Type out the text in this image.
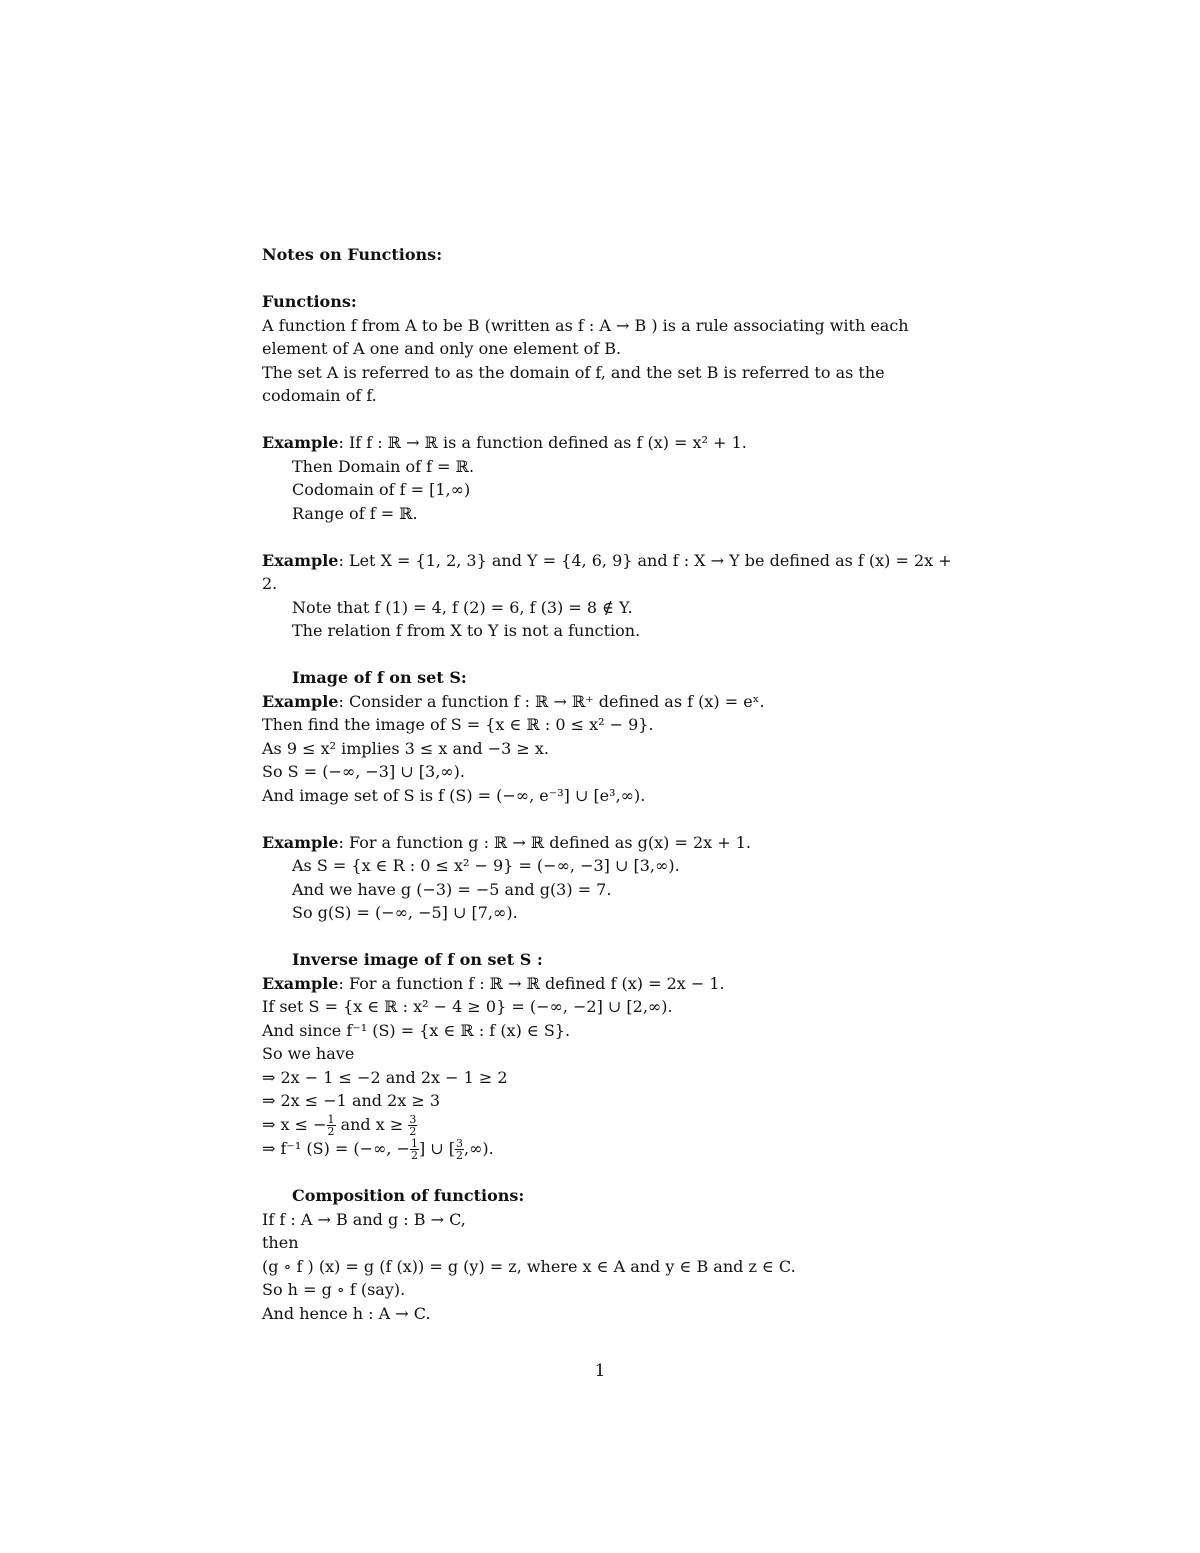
Notes on Functions:

Functions:

A function f from A to be B (written as f : A → B ) is a rule associating with each element of A one and only one element of B.

The set A is referred to as the domain of f, and the set B is referred to as the codomain of f.

Example: If f : ℝ → ℝ is a function defined as f (x) = x² + 1.

Then Domain of f = ℝ.

Codomain of f = [1,∞)

Range of f = ℝ.

Example: Let X = {1, 2, 3} and Y = {4, 6, 9} and f : X → Y be defined as f (x) = 2x + 2.

Note that f (1) = 4, f (2) = 6, f (3) = 8 ∉ Y.

The relation f from X to Y is not a function.

Image of f on set S:

Example: Consider a function f : ℝ → ℝ⁺ defined as f (x) = eˣ.

Then find the image of S = {x ∈ ℝ : 0 ≤ x² − 9}.

As 9 ≤ x² implies 3 ≤ x and −3 ≥ x.

So S = (−∞, −3] ∪ [3,∞).

And image set of S is f (S) = (−∞, e⁻³] ∪ [e³,∞).

Example: For a function g : ℝ → ℝ defined as g(x) = 2x + 1.

As S = {x ∈ R : 0 ≤ x² − 9} = (−∞, −3] ∪ [3,∞).

And we have g (−3) = −5 and g(3) = 7.

So g(S) = (−∞, −5] ∪ [7,∞).

Inverse image of f on set S :

Example: For a function f : ℝ → ℝ defined f (x) = 2x − 1.

If set S = {x ∈ ℝ : x² − 4 ≥ 0} = (−∞, −2] ∪ [2,∞).

And since f⁻¹ (S) = {x ∈ ℝ : f (x) ∈ S}.

So we have

⇒ 2x − 1 ≤ −2 and 2x − 1 ≥ 2

⇒ 2x ≤ −1 and 2x ≥ 3

⇒ x ≤ − $\frac{1}{2}$ and $x \ge \frac{3}{2}$

⇒ f⁻¹ (S) = (−∞, − $\frac{1}{2}$ ] ∪ [ $\frac{3}{2}$ ,∞).

Composition of functions:

If f : A → B and g : B → C,

then

(g ∘ f ) (x) = g (f (x)) = g (y) = z, where x ∈ A and y ∈ B and z ∈ C.

So h = g ∘ f (say).

And hence h : A → C.

1
